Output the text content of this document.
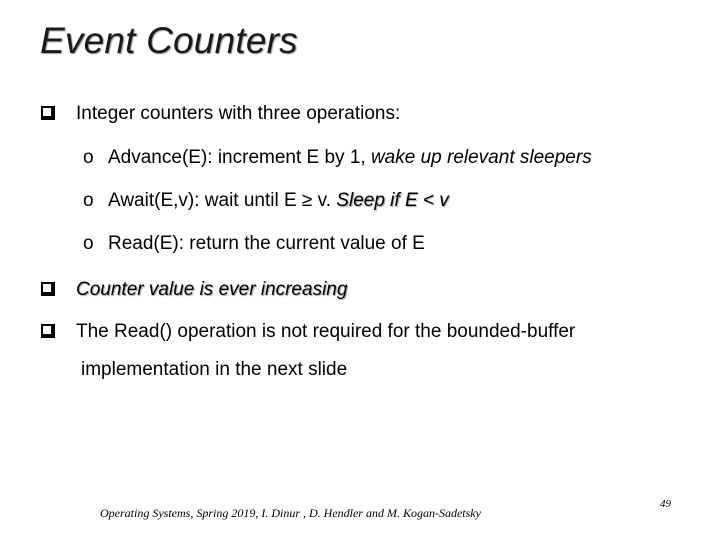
Event Counters
Integer counters with three operations:
o Advance(E): increment E by 1, wake up relevant sleepers
o Await(E,v): wait until E ≥ v. Sleep if E < v
o Read(E): return the current value of E
Counter value is ever increasing
The Read() operation is not required for the bounded-buffer
implementation in the next slide
Operating Systems, Spring 2019, I. Dinur , D. Hendler and M. Kogan-Sadetsky
49
